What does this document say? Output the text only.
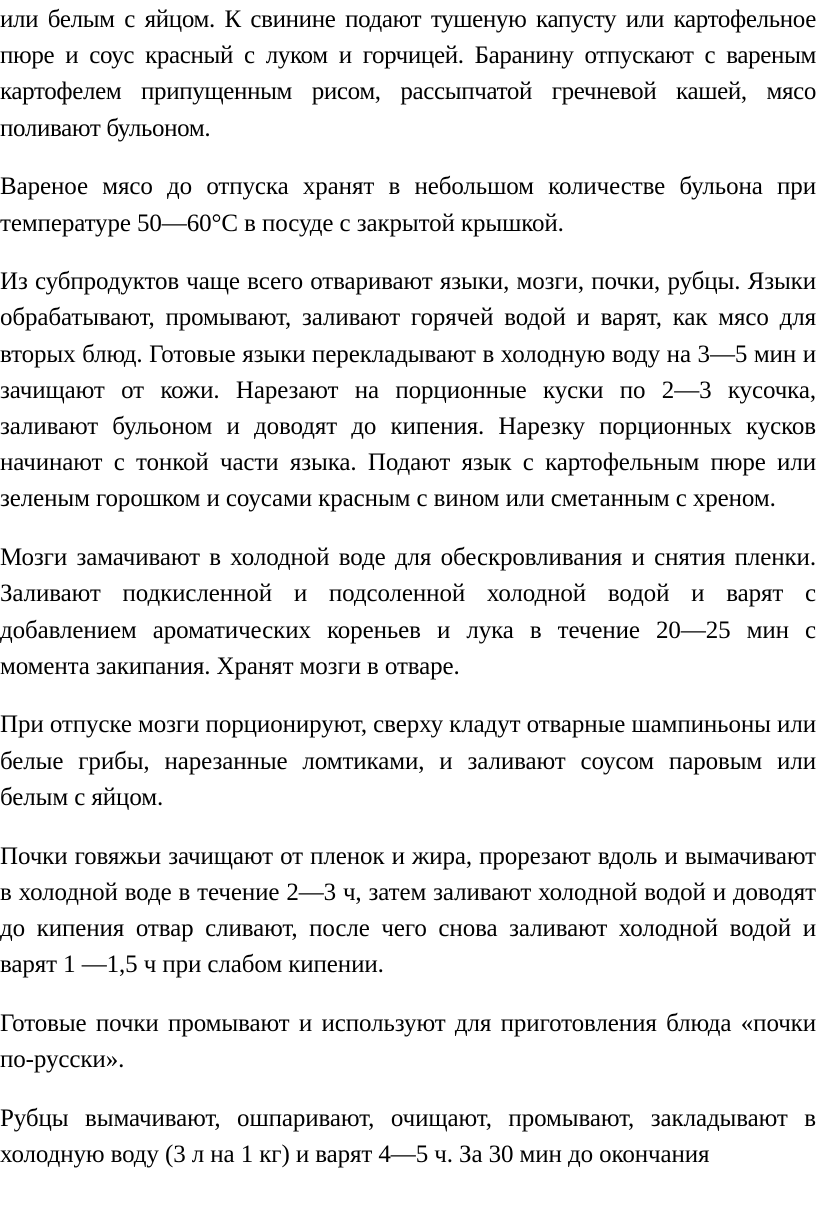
или белым с яйцом. К свинине подают тушеную капусту или картофельное пюре и соус красный с луком и горчицей. Баранину отпускают с вареным картофелем припущенным рисом, рассыпчатой гречневой кашей, мясо поливают бульоном.

Вареное мясо до отпуска хранят в небольшом количестве бульона при температуре 50—60°С в посуде с закрытой крышкой.

Из субпродуктов чаще всего отваривают языки, мозги, почки, рубцы. Языки обрабатывают, промывают, заливают горячей водой и варят, как мясо для вторых блюд. Готовые языки перекладывают в холодную воду на 3—5 мин и зачищают от кожи. Нарезают на порционные куски по 2—3 кусочка, заливают бульоном и доводят до кипения. Нарезку порционных кусков начинают с тонкой части языка. Подают язык с картофельным пюре или зеленым горошком и соусами красным с вином или сметанным с хреном.

Мозги замачивают в холодной воде для обескровливания и снятия пленки. Заливают подкисленной и подсоленной холодной водой и варят с добавлением ароматических кореньев и лука в течение 20—25 мин с момента закипания. Хранят мозги в отваре.

При отпуске мозги порционируют, сверху кладут отварные шампиньоны или белые грибы, нарезанные ломтиками, и заливают соусом паровым или белым с яйцом.

Почки говяжьи зачищают от пленок и жира, прорезают вдоль и вымачивают в холодной воде в течение 2—3 ч, затем заливают холодной водой и доводят до кипения отвар сливают, после чего снова заливают холодной водой и варят 1 —1,5 ч при слабом кипении.

Готовые почки промывают и используют для приготовления блюда «почки по-русски».

Рубцы вымачивают, ошпаривают, очищают, промывают, закладывают в холодную воду (3 л на 1 кг) и варят 4—5 ч. За 30 мин до окончания
